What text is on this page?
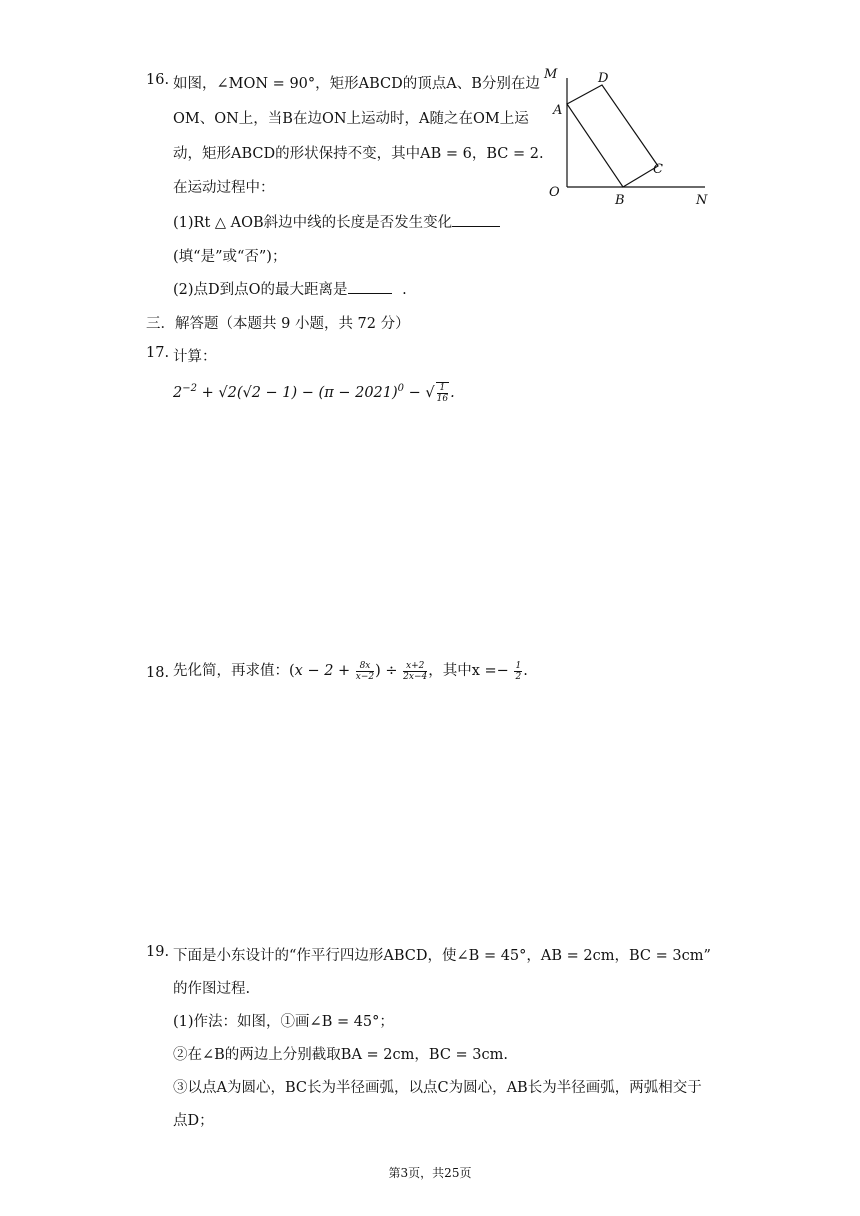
16. 如图，∠MON = 90°，矩形ABCD的顶点A、B分别在边
OM、ON上，当B在边ON上运动时，A随之在OM上运
动，矩形ABCD的形状保持不变，其中AB = 6，BC = 2.
在运动过程中：
(1)Rt △ AOB斜边中线的长度是否发生变化
(填“是”或“否”)；
(2)点D到点O的最大距离是	.
M	D
A
C
O
B	N
三．解答题（本题共 9 小题，共 72 分）
17. 计算：
$2^{-2} + √2(√2 - 1) - (\pi - 2021)^0$ − √ $\frac{1}{16}$ .
18. 先化简，再求值：($x - 2 + \frac{8x}{x-2}$ ) ÷ $\frac{x+2}{2x-4}$ ，其中$x =- \frac{1}{2}$ .
19. 下面是小东设计的“作平行四边形ABCD，使∠B = 45°，AB = 2cm，BC = 3cm”
的作图过程.
(1)作法：如图，①画∠B = 45°；
②在∠B的两边上分别截取BA = 2cm，BC = 3cm.
③以点A为圆心，BC长为半径画弧，以点C为圆心，AB长为半径画弧，两弧相交于
点D；
第3页，共25页
